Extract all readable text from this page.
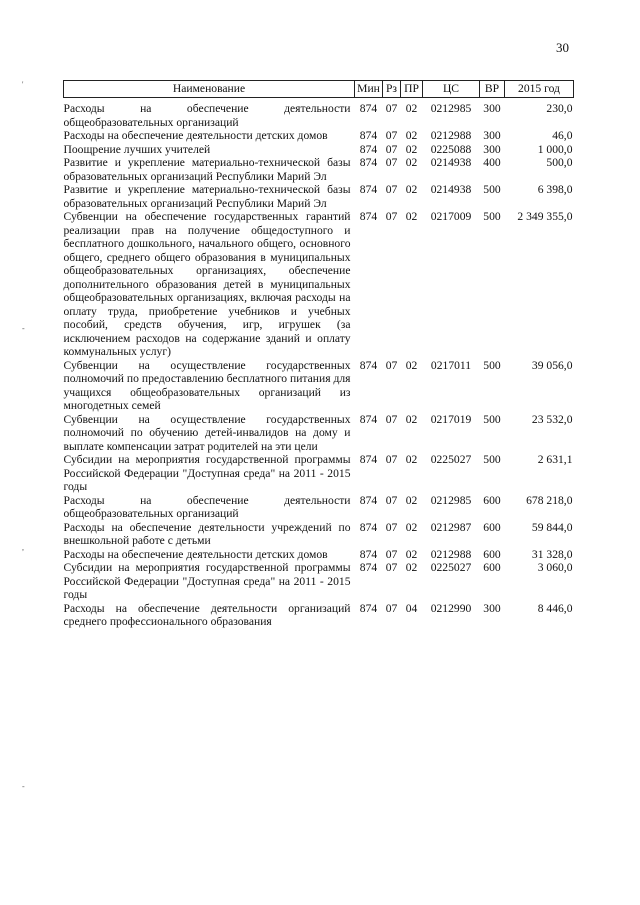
30
'
-
,
-
Наименование	Мин	Рз	ПР	ЦС	ВР	2015 год
Расходы на обеспечение деятельности общеобразовательных организаций	874	07	02	0212985	300	230,0
Расходы на обеспечение деятельности детских домов	874	07	02	0212988	300	46,0
Поощрение лучших учителей	874	07	02	0225088	300	1 000,0
Развитие и укрепление материально-технической базы образовательных организаций Республики Марий Эл	874	07	02	0214938	400	500,0
Развитие и укрепление материально-технической базы образовательных организаций Республики Марий Эл	874	07	02	0214938	500	6 398,0
Субвенции на обеспечение государственных гарантий реализации прав на получение общедоступного и бесплатного дошкольного, начального общего, основного общего, среднего общего образования в муниципальных общеобразовательных организациях, обеспечение дополнительного образования детей в муниципальных общеобразовательных организациях, включая расходы на оплату труда, приобретение учебников и учебных пособий, средств обучения, игр, игрушек (за исключением расходов на содержание зданий и оплату коммунальных услуг)	874	07	02	0217009	500	2 349 355,0
Субвенции на осуществление государственных полномочий по предоставлению бесплатного питания для учащихся общеобразовательных организаций из многодетных семей	874	07	02	0217011	500	39 056,0
Субвенции на осуществление государственных полномочий по обучению детей-инвалидов на дому и выплате компенсации затрат родителей на эти цели	874	07	02	0217019	500	23 532,0
Субсидии на мероприятия государственной программы Российской Федерации "Доступная среда" на 2011 - 2015 годы	874	07	02	0225027	500	2 631,1
Расходы на обеспечение деятельности общеобразовательных организаций	874	07	02	0212985	600	678 218,0
Расходы на обеспечение деятельности учреждений по внешкольной работе с детьми	874	07	02	0212987	600	59 844,0
Расходы на обеспечение деятельности детских домов	874	07	02	0212988	600	31 328,0
Субсидии на мероприятия государственной программы Российской Федерации "Доступная среда" на 2011 - 2015 годы	874	07	02	0225027	600	3 060,0
Расходы на обеспечение деятельности организаций среднего профессионального образования	874	07	04	0212990	300	8 446,0
